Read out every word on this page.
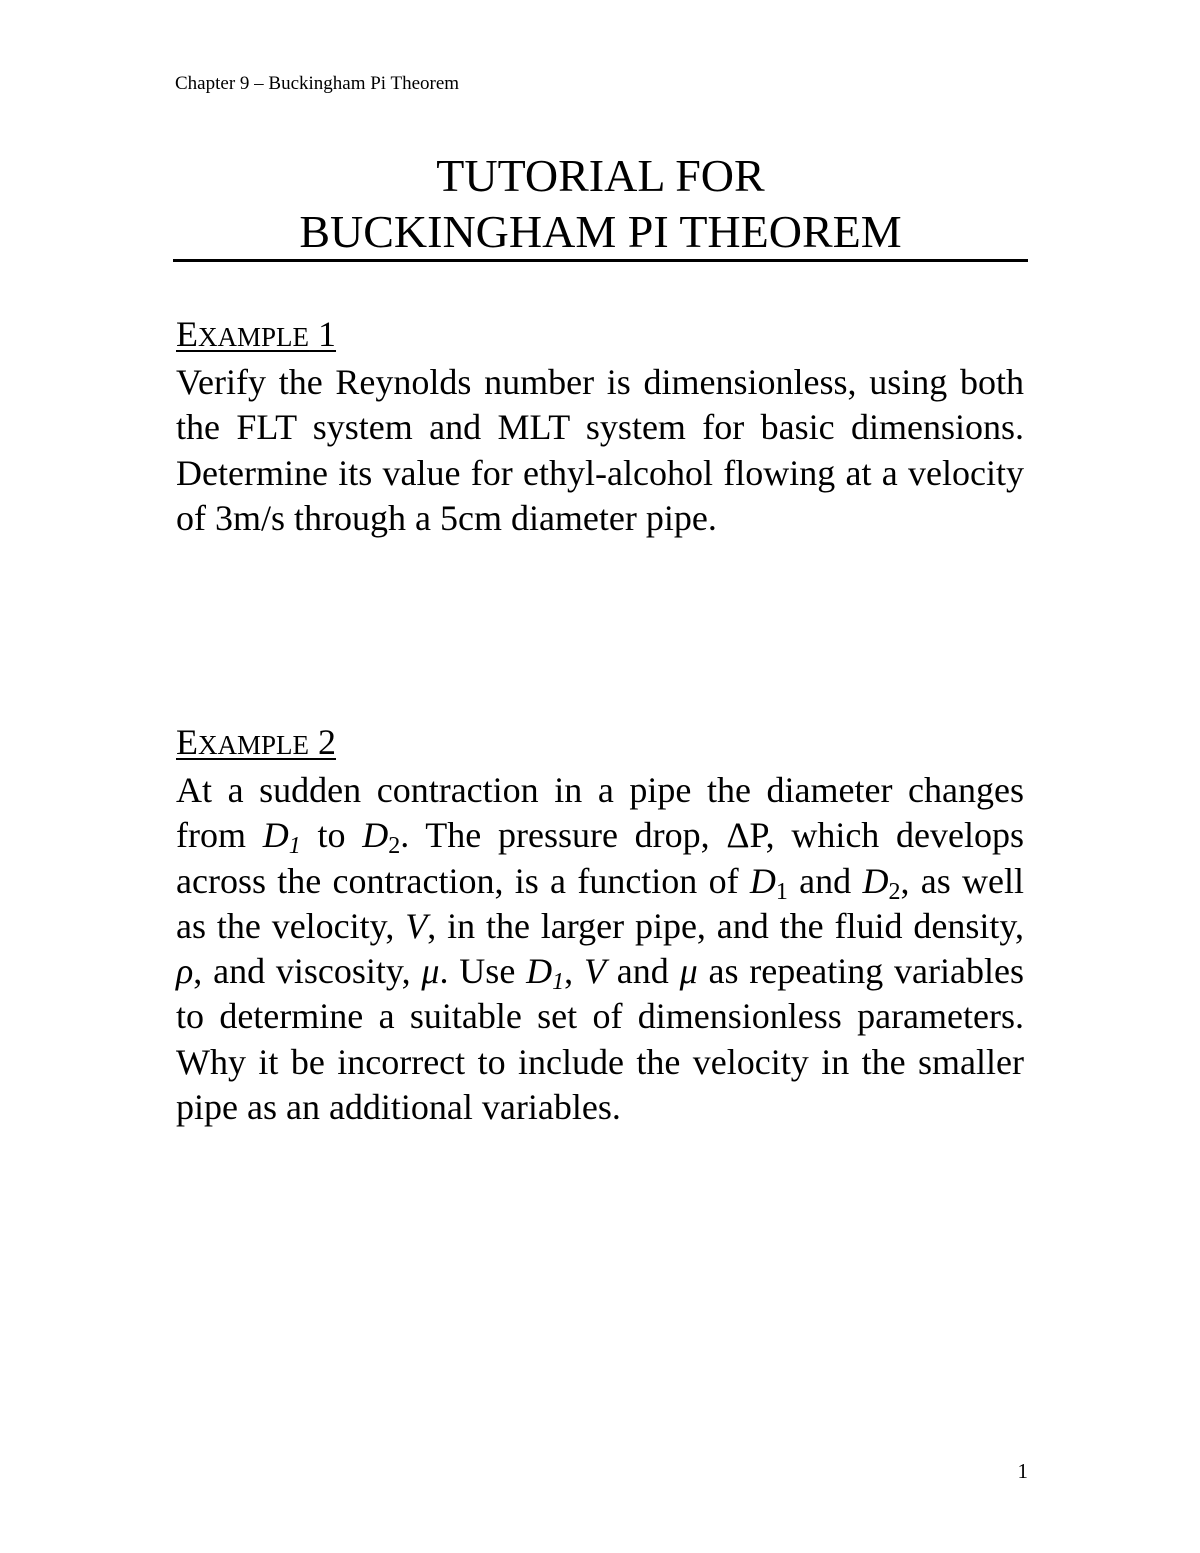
Chapter 9 – Buckingham Pi Theorem
TUTORIAL FOR
BUCKINGHAM PI THEOREM
EXAMPLE 1

Verify the Reynolds number is dimensionless, using both the FLT system and MLT system for basic dimensions. Determine its value for ethyl-alcohol flowing at a velocity of 3m/s through a 5cm diameter pipe.

EXAMPLE 2

At a sudden contraction in a pipe the diameter changes from $D_1$ to $D_2$. The pressure drop, ΔP, which develops across the contraction, is a function of $D_1$ and $D_2$, as well as the velocity, V, in the larger pipe, and the fluid density, ρ, and viscosity, μ. Use $D_1$, V and μ as repeating variables to determine a suitable set of dimensionless parameters. Why it be incorrect to include the velocity in the smaller pipe as an additional variables.

1
